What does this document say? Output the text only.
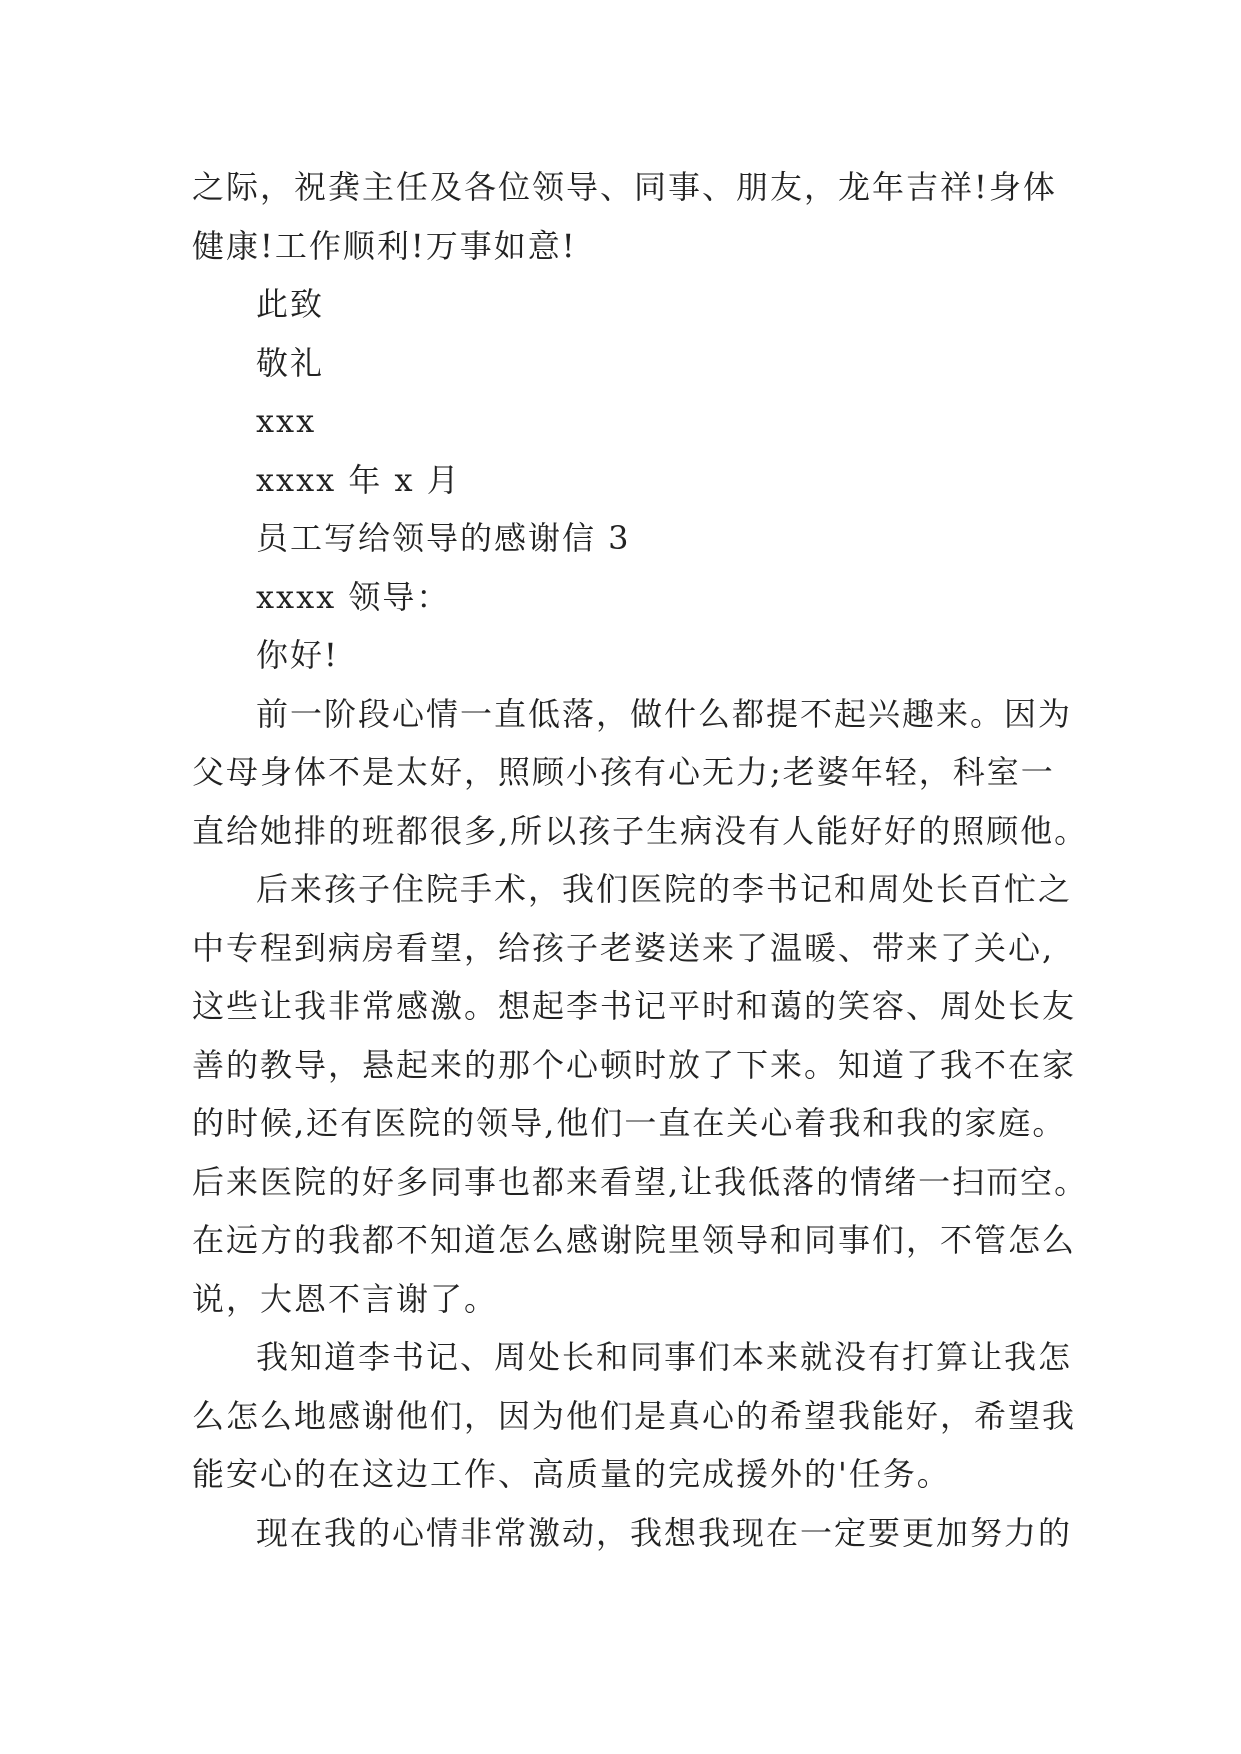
之际，祝龚主任及各位领导、同事、朋友，龙年吉祥!身体
健康!工作顺利!万事如意!
此致
敬礼
xxx
xxxx 年 x 月
员工写给领导的感谢信 3
xxxx 领导：
你好!
前一阶段心情一直低落，做什么都提不起兴趣来。因为
父母身体不是太好，照顾小孩有心无力;老婆年轻，科室一
直给她排的班都很多,所以孩子生病没有人能好好的照顾他。
后来孩子住院手术，我们医院的李书记和周处长百忙之
中专程到病房看望，给孩子老婆送来了温暖、带来了关心,
这些让我非常感激。想起李书记平时和蔼的笑容、周处长友
善的教导，悬起来的那个心顿时放了下来。知道了我不在家
的时候,还有医院的领导,他们一直在关心着我和我的家庭。
后来医院的好多同事也都来看望,让我低落的情绪一扫而空。
在远方的我都不知道怎么感谢院里领导和同事们，不管怎么
说，大恩不言谢了。
我知道李书记、周处长和同事们本来就没有打算让我怎
么怎么地感谢他们，因为他们是真心的希望我能好，希望我
能安心的在这边工作、高质量的完成援外的'任务。
现在我的心情非常激动，我想我现在一定要更加努力的
